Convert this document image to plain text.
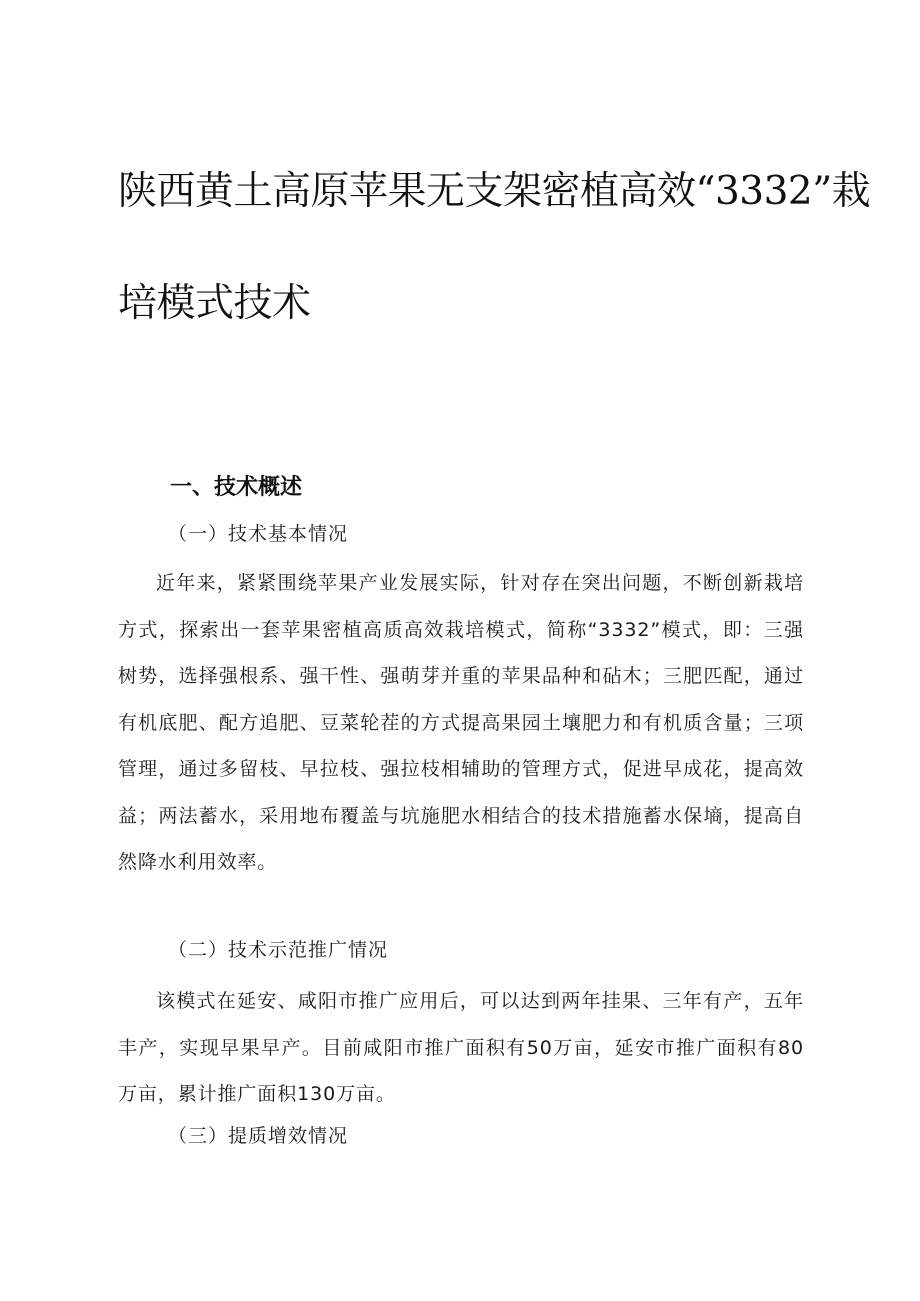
陕西黄土高原苹果无支架密植高效“3332”栽
培模式技术
一、技术概述
（一）技术基本情况

近年来，紧紧围绕苹果产业发展实际，针对存在突出问题，不断创新栽培方式，探索出一套苹果密植高质高效栽培模式，简称“3332”模式，即：三强树势，选择强根系、强干性、强萌芽并重的苹果品种和砧木；三肥匹配，通过有机底肥、配方追肥、豆菜轮茬的方式提高果园土壤肥力和有机质含量；三项管理，通过多留枝、早拉枝、强拉枝相辅助的管理方式，促进早成花，提高效益；两法蓄水，采用地布覆盖与坑施肥水相结合的技术措施蓄水保墒，提高自然降水利用效率。

（二）技术示范推广情况

该模式在延安、咸阳市推广应用后，可以达到两年挂果、三年有产，五年丰产，实现早果早产。目前咸阳市推广面积有50万亩，延安市推广面积有80万亩，累计推广面积130万亩。

（三）提质增效情况
